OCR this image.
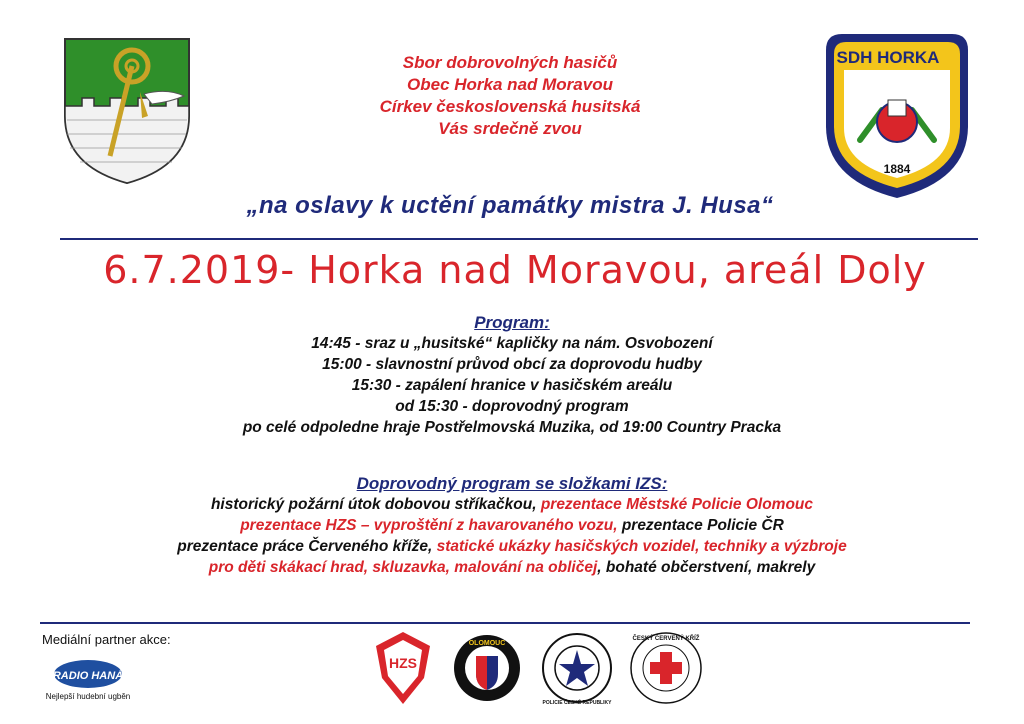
Sbor dobrovolných hasičů
Obec Horka nad Moravou
Církev československá husitská
Vás srdečně zvou
SDH HORKA
1884
„na oslavy k uctění památky mistra J. Husa“
6.7.2019- Horka nad Moravou, areál Doly
Program:
14:45 - sraz u „husitské“ kapličky na nám. Osvobození
15:00 - slavnostní průvod obcí za doprovodu hudby
15:30 - zapálení hranice v hasičském areálu
od 15:30 - doprovodný program
po celé odpoledne hraje Postřelmovská Muzika, od 19:00 Country Pracka
Doprovodný program se složkami IZS:
historický požární útok dobovou stříkačkou, prezentace Městské Policie Olomouc
prezentace HZS – vyproštění z havarovaného vozu, prezentace Policie ČR
prezentace práce Červeného kříže, statické ukázky hasičských vozidel, techniky a výzbroje
pro děti skákací hrad, skluzavka, malování na obličej, bohaté občerstvení, makrely
Mediální partner akce:
RADIO HANÁ
Nejlepší hudební ugběn
HZS
OLOMOUC
POLICIE ČESKÉ REPUBLIKY
ČESKÝ ČERVENÝ KŘÍŽ
